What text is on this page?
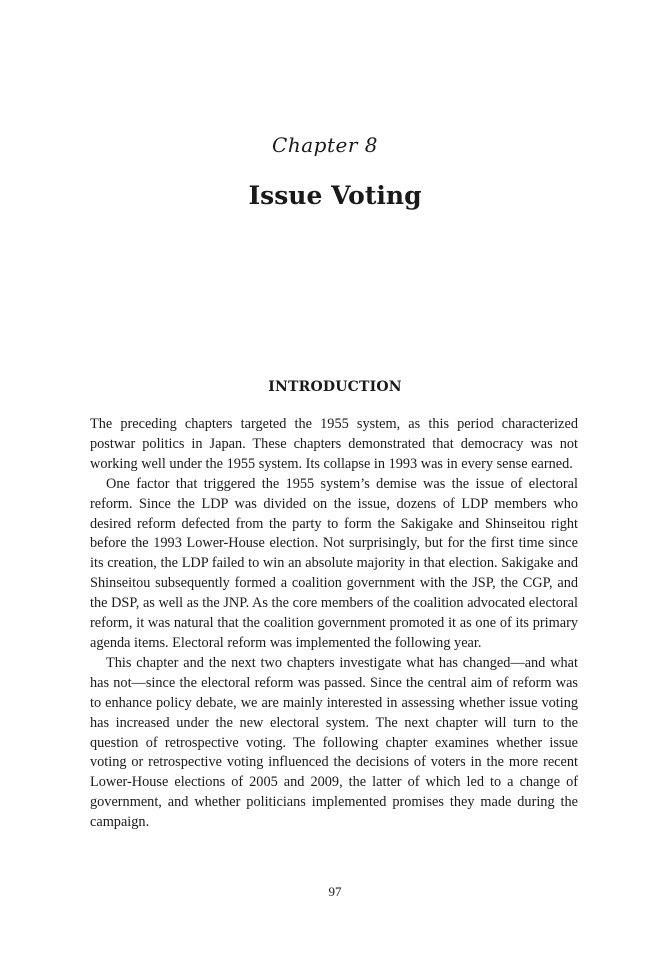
Chapter 8
Issue Voting
INTRODUCTION

The preceding chapters targeted the 1955 system, as this period characterized postwar politics in Japan. These chapters demonstrated that democracy was not working well under the 1955 system. Its collapse in 1993 was in every sense earned.

One factor that triggered the 1955 system’s demise was the issue of electoral reform. Since the LDP was divided on the issue, dozens of LDP members who desired reform defected from the party to form the Sakigake and Shinseitou right before the 1993 Lower-House election. Not surprisingly, but for the first time since its creation, the LDP failed to win an absolute majority in that election. Sakigake and Shinseitou subsequently formed a coalition government with the JSP, the CGP, and the DSP, as well as the JNP. As the core members of the coalition advocated electoral reform, it was natural that the coalition government promoted it as one of its primary agenda items. Electoral reform was implemented the following year.

This chapter and the next two chapters investigate what has changed—and what has not—since the electoral reform was passed. Since the central aim of reform was to enhance policy debate, we are mainly interested in assessing whether issue voting has increased under the new electoral system. The next chapter will turn to the question of retrospective voting. The following chapter examines whether issue voting or retrospective voting influenced the decisions of voters in the more recent Lower-House elections of 2005 and 2009, the latter of which led to a change of government, and whether politicians implemented promises they made during the campaign.

97
